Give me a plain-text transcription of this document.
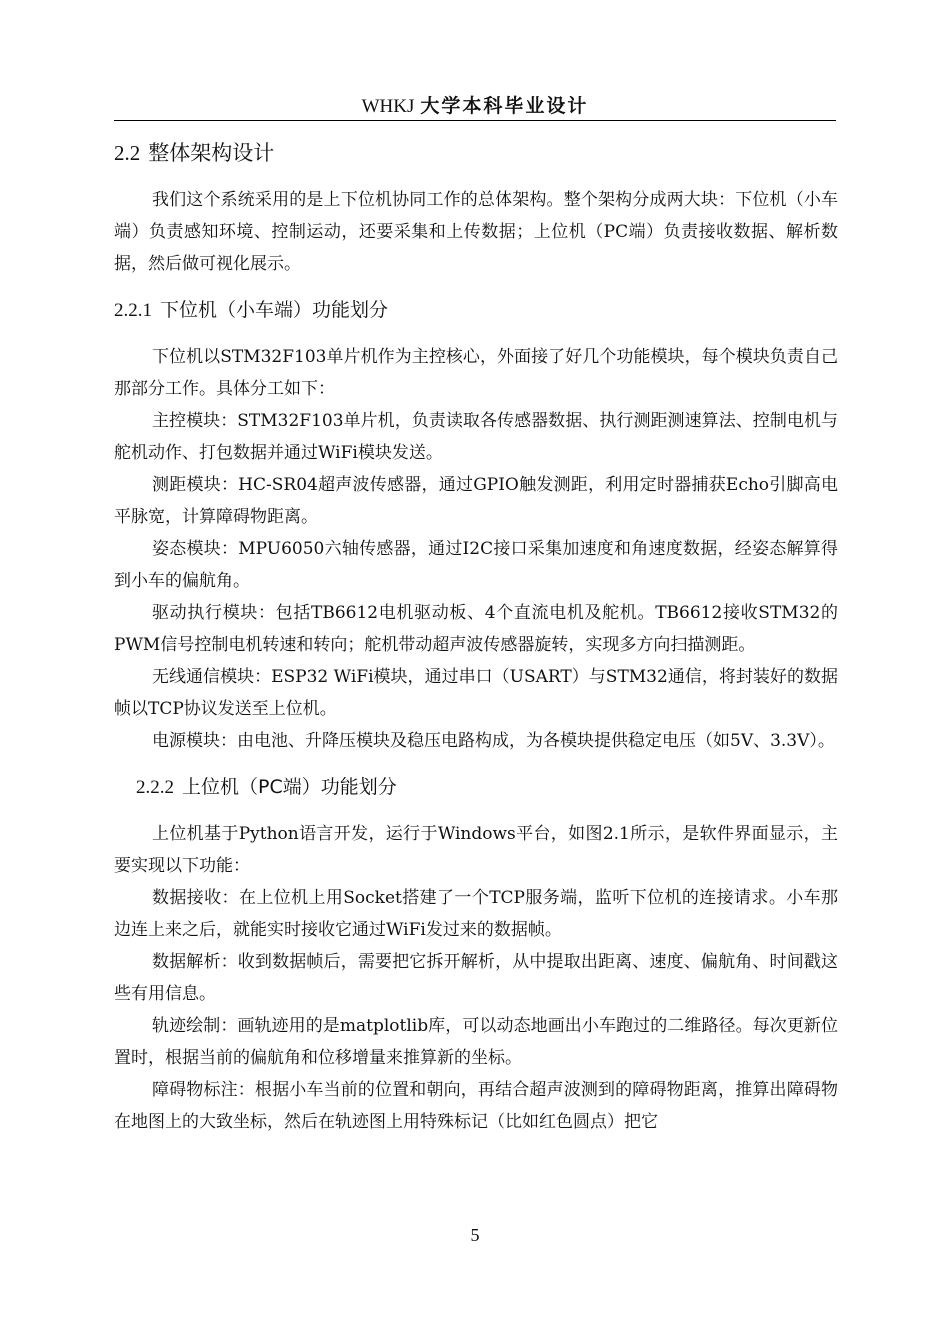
WHKJ 大学本科毕业设计
2.2 整体架构设计

我们这个系统采用的是上下位机协同工作的总体架构。整个架构分成两大块：下位机（小车端）负责感知环境、控制运动，还要采集和上传数据；上位机（PC端）负责接收数据、解析数据，然后做可视化展示。

2.2.1 下位机（小车端）功能划分

下位机以STM32F103单片机作为主控核心，外面接了好几个功能模块，每个模块负责自己那部分工作。具体分工如下：

主控模块：STM32F103单片机，负责读取各传感器数据、执行测距测速算法、控制电机与舵机动作、打包数据并通过WiFi模块发送。

测距模块：HC-SR04超声波传感器，通过GPIO触发测距，利用定时器捕获Echo引脚高电平脉宽，计算障碍物距离。

姿态模块：MPU6050六轴传感器，通过I2C接口采集加速度和角速度数据，经姿态解算得到小车的偏航角。

驱动执行模块：包括TB6612电机驱动板、4个直流电机及舵机。TB6612接收STM32的PWM信号控制电机转速和转向；舵机带动超声波传感器旋转，实现多方向扫描测距。

无线通信模块：ESP32 WiFi模块，通过串口（USART）与STM32通信，将封装好的数据帧以TCP协议发送至上位机。

电源模块：由电池、升降压模块及稳压电路构成，为各模块提供稳定电压（如5V、3.3V）。

2.2.2 上位机（PC端）功能划分

上位机基于Python语言开发，运行于Windows平台，如图2.1所示，是软件界面显示，主要实现以下功能：

数据接收：在上位机上用Socket搭建了一个TCP服务端，监听下位机的连接请求。小车那边连上来之后，就能实时接收它通过WiFi发过来的数据帧。

数据解析：收到数据帧后，需要把它拆开解析，从中提取出距离、速度、偏航角、时间戳这些有用信息。

轨迹绘制：画轨迹用的是matplotlib库，可以动态地画出小车跑过的二维路径。每次更新位置时，根据当前的偏航角和位移增量来推算新的坐标。

障碍物标注：根据小车当前的位置和朝向，再结合超声波测到的障碍物距离，推算出障碍物在地图上的大致坐标，然后在轨迹图上用特殊标记（比如红色圆点）把它

5
